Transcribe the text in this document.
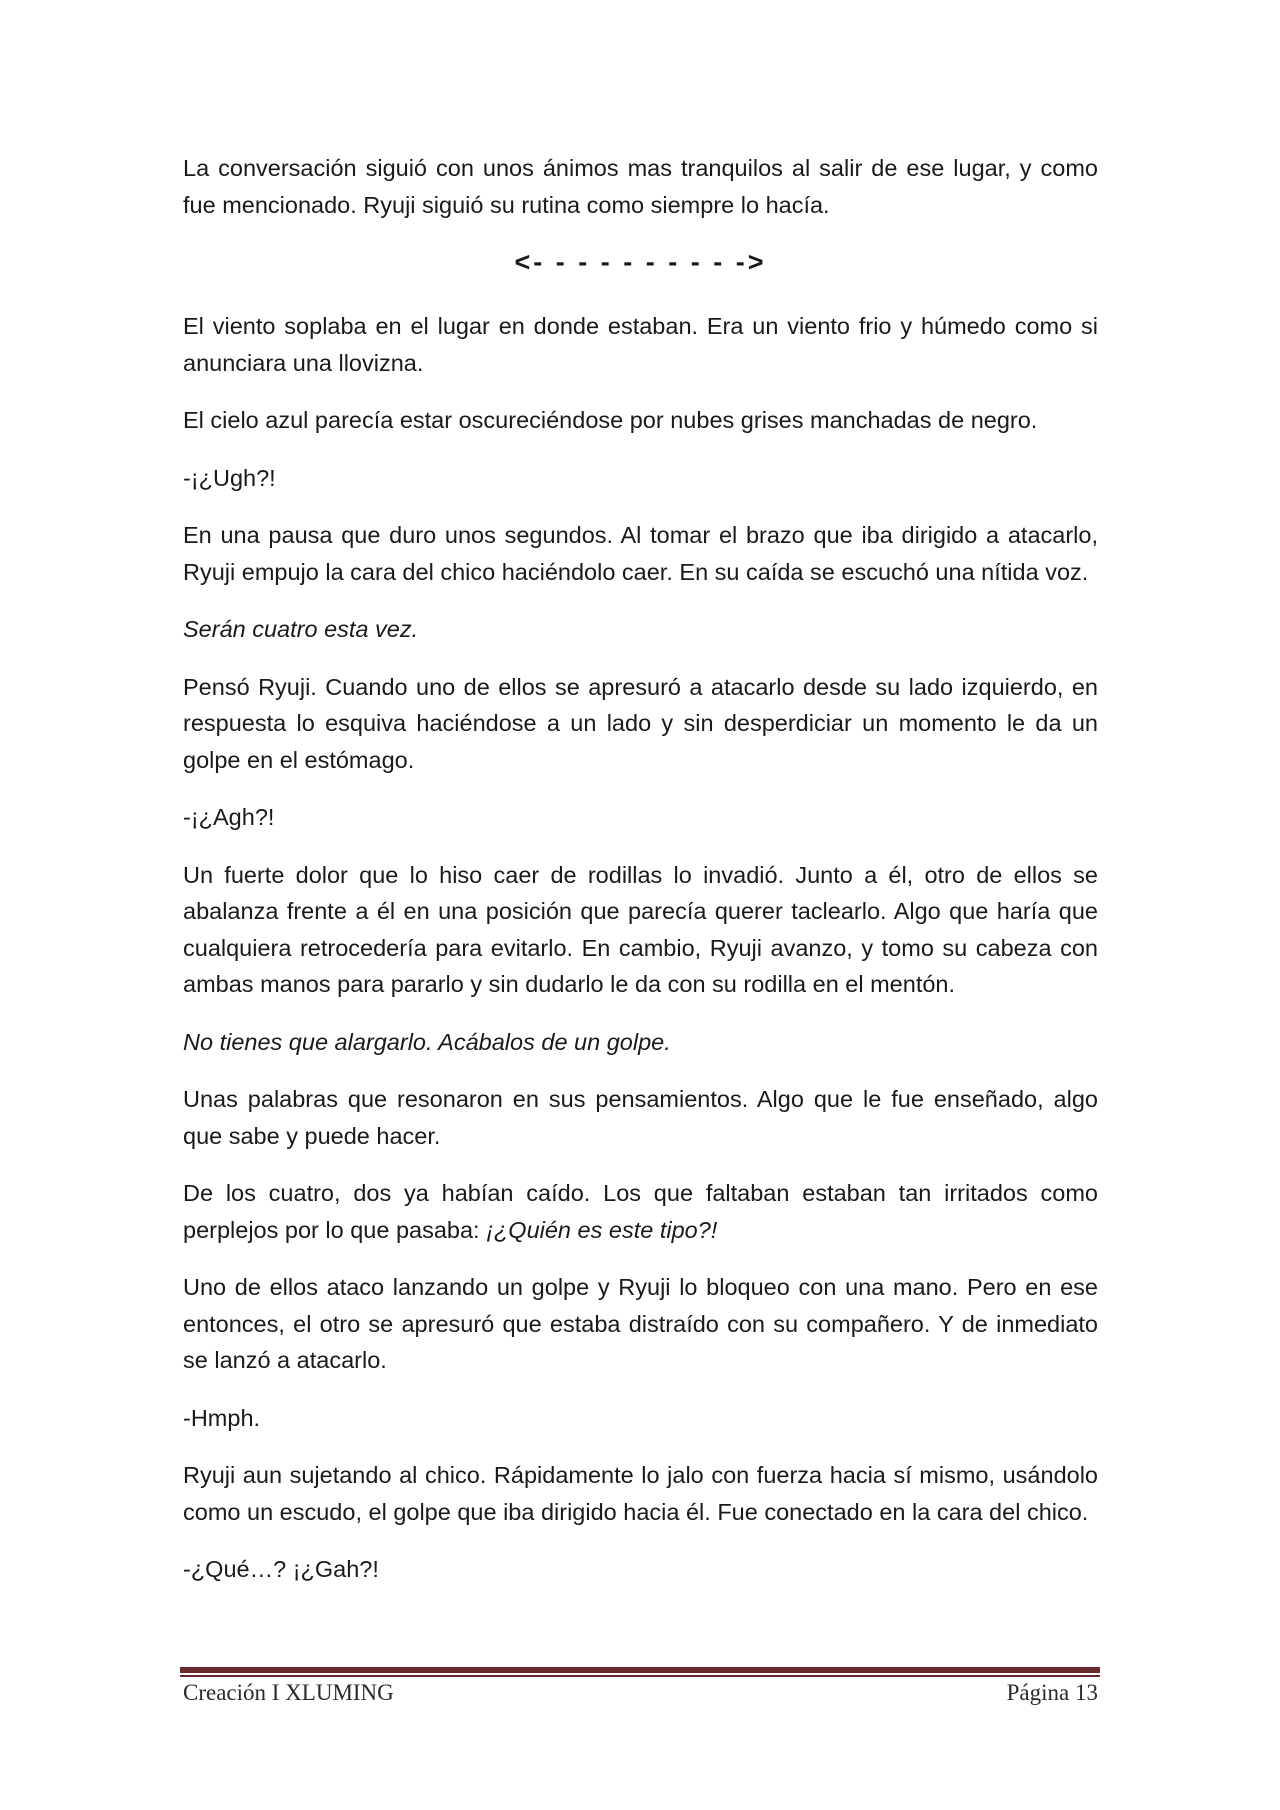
La conversación siguió con unos ánimos mas tranquilos al salir de ese lugar, y como fue mencionado. Ryuji siguió su rutina como siempre lo hacía.

<- - - - - - - - - ->

El viento soplaba en el lugar en donde estaban. Era un viento frio y húmedo como si anunciara una llovizna.

El cielo azul parecía estar oscureciéndose por nubes grises manchadas de negro.

-¡¿Ugh?!

En una pausa que duro unos segundos. Al tomar el brazo que iba dirigido a atacarlo, Ryuji empujo la cara del chico haciéndolo caer. En su caída se escuchó una nítida voz.

Serán cuatro esta vez.

Pensó Ryuji. Cuando uno de ellos se apresuró a atacarlo desde su lado izquierdo, en respuesta lo esquiva haciéndose a un lado y sin desperdiciar un momento le da un golpe en el estómago.

-¡¿Agh?!

Un fuerte dolor que lo hiso caer de rodillas lo invadió. Junto a él, otro de ellos se abalanza frente a él en una posición que parecía querer taclearlo. Algo que haría que cualquiera retrocedería para evitarlo. En cambio, Ryuji avanzo, y tomo su cabeza con ambas manos para pararlo y sin dudarlo le da con su rodilla en el mentón.

No tienes que alargarlo. Acábalos de un golpe.

Unas palabras que resonaron en sus pensamientos. Algo que le fue enseñado, algo que sabe y puede hacer.

De los cuatro, dos ya habían caído. Los que faltaban estaban tan irritados como perplejos por lo que pasaba: ¡¿Quién es este tipo?!

Uno de ellos ataco lanzando un golpe y Ryuji lo bloqueo con una mano. Pero en ese entonces, el otro se apresuró que estaba distraído con su compañero. Y de inmediato se lanzó a atacarlo.

-Hmph.

Ryuji aun sujetando al chico. Rápidamente lo jalo con fuerza hacia sí mismo, usándolo como un escudo, el golpe que iba dirigido hacia él. Fue conectado en la cara del chico.

-¿Qué…? ¡¿Gah?!

Creación I XLUMING	Página 13
